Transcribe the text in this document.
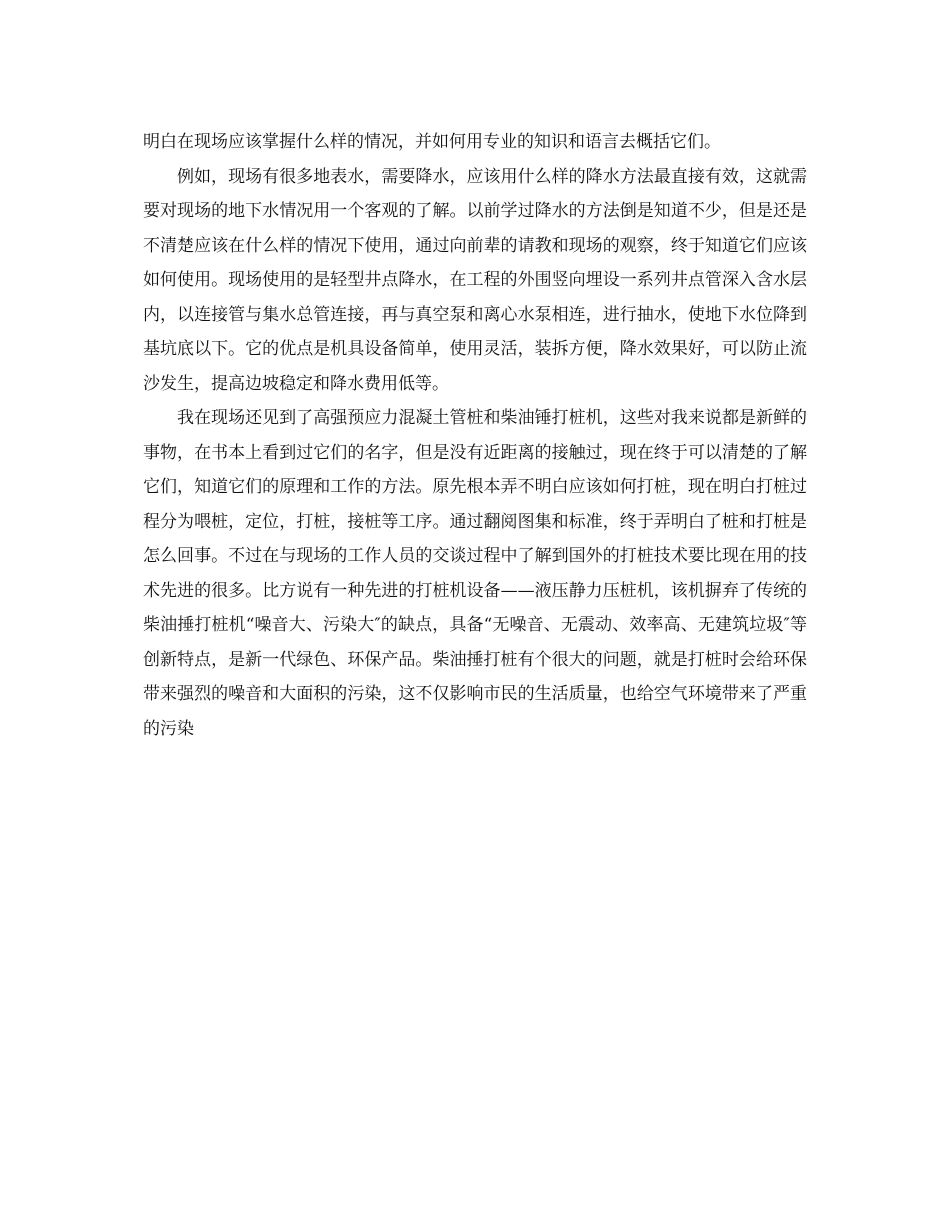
明白在现场应该掌握什么样的情况，并如何用专业的知识和语言去概括它们。

例如，现场有很多地表水，需要降水，应该用什么样的降水方法最直接有效，这就需要对现场的地下水情况用一个客观的了解。以前学过降水的方法倒是知道不少，但是还是不清楚应该在什么样的情况下使用，通过向前辈的请教和现场的观察，终于知道它们应该如何使用。现场使用的是轻型井点降水，在工程的外围竖向埋设一系列井点管深入含水层内，以连接管与集水总管连接，再与真空泵和离心水泵相连，进行抽水，使地下水位降到基坑底以下。它的优点是机具设备简单，使用灵活，装拆方便，降水效果好，可以防止流沙发生，提高边坡稳定和降水费用低等。

我在现场还见到了高强预应力混凝土管桩和柴油锤打桩机，这些对我来说都是新鲜的事物，在书本上看到过它们的名字，但是没有近距离的接触过，现在终于可以清楚的了解它们，知道它们的原理和工作的方法。原先根本弄不明白应该如何打桩，现在明白打桩过程分为喂桩，定位，打桩，接桩等工序。通过翻阅图集和标准，终于弄明白了桩和打桩是怎么回事。不过在与现场的工作人员的交谈过程中了解到国外的打桩技术要比现在用的技术先进的很多。比方说有一种先进的打桩机设备——液压静力压桩机，该机摒弃了传统的柴油捶打桩机“噪音大、污染大″的缺点，具备“无噪音、无震动、效率高、无建筑垃圾″等创新特点，是新一代绿色、环保产品。柴油捶打桩有个很大的问题，就是打桩时会给环保带来强烈的噪音和大面积的污染，这不仅影响市民的生活质量，也给空气环境带来了严重的污染
